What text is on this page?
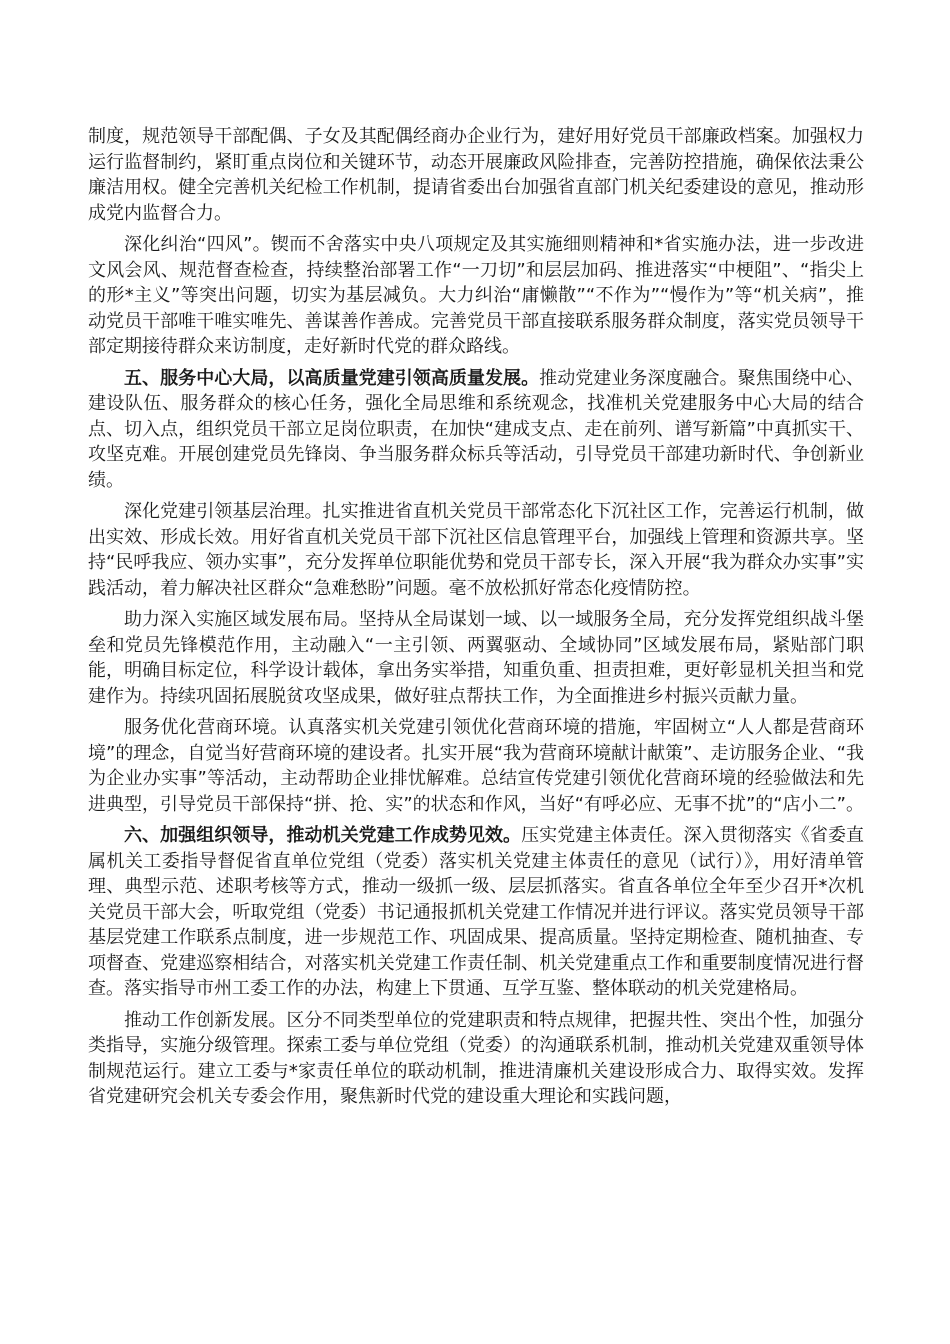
制度，规范领导干部配偶、子女及其配偶经商办企业行为，建好用好党员干部廉政档案。加强权力运行监督制约，紧盯重点岗位和关键环节，动态开展廉政风险排查，完善防控措施，确保依法秉公廉洁用权。健全完善机关纪检工作机制，提请省委出台加强省直部门机关纪委建设的意见，推动形成党内监督合力。

深化纠治“四风”。锲而不舍落实中央八项规定及其实施细则精神和*省实施办法，进一步改进文风会风、规范督查检查，持续整治部署工作“一刀切”和层层加码、推进落实“中梗阻”、“指尖上的形*主义”等突出问题，切实为基层减负。大力纠治“庸懒散”“不作为”“慢作为”等“机关病”，推动党员干部唯干唯实唯先、善谋善作善成。完善党员干部直接联系服务群众制度，落实党员领导干部定期接待群众来访制度，走好新时代党的群众路线。

五、服务中心大局，以高质量党建引领高质量发展。推动党建业务深度融合。聚焦围绕中心、建设队伍、服务群众的核心任务，强化全局思维和系统观念，找准机关党建服务中心大局的结合点、切入点，组织党员干部立足岗位职责，在加快“建成支点、走在前列、谱写新篇”中真抓实干、攻坚克难。开展创建党员先锋岗、争当服务群众标兵等活动，引导党员干部建功新时代、争创新业绩。

深化党建引领基层治理。扎实推进省直机关党员干部常态化下沉社区工作，完善运行机制，做出实效、形成长效。用好省直机关党员干部下沉社区信息管理平台，加强线上管理和资源共享。坚持“民呼我应、领办实事”，充分发挥单位职能优势和党员干部专长，深入开展“我为群众办实事”实践活动，着力解决社区群众“急难愁盼”问题。毫不放松抓好常态化疫情防控。

助力深入实施区域发展布局。坚持从全局谋划一域、以一域服务全局，充分发挥党组织战斗堡垒和党员先锋模范作用，主动融入“一主引领、两翼驱动、全域协同”区域发展布局，紧贴部门职能，明确目标定位，科学设计载体，拿出务实举措，知重负重、担责担难，更好彰显机关担当和党建作为。持续巩固拓展脱贫攻坚成果，做好驻点帮扶工作，为全面推进乡村振兴贡献力量。

服务优化营商环境。认真落实机关党建引领优化营商环境的措施，牢固树立“人人都是营商环境”的理念，自觉当好营商环境的建设者。扎实开展“我为营商环境献计献策”、走访服务企业、“我为企业办实事”等活动，主动帮助企业排忧解难。总结宣传党建引领优化营商环境的经验做法和先进典型，引导党员干部保持“拼、抢、实”的状态和作风，当好“有呼必应、无事不扰”的“店小二”。

六、加强组织领导，推动机关党建工作成势见效。压实党建主体责任。深入贯彻落实《省委直属机关工委指导督促省直单位党组（党委）落实机关党建主体责任的意见（试行）》，用好清单管理、典型示范、述职考核等方式，推动一级抓一级、层层抓落实。省直各单位全年至少召开*次机关党员干部大会，听取党组（党委）书记通报抓机关党建工作情况并进行评议。落实党员领导干部基层党建工作联系点制度，进一步规范工作、巩固成果、提高质量。坚持定期检查、随机抽查、专项督查、党建巡察相结合，对落实机关党建工作责任制、机关党建重点工作和重要制度情况进行督查。落实指导市州工委工作的办法，构建上下贯通、互学互鉴、整体联动的机关党建格局。

推动工作创新发展。区分不同类型单位的党建职责和特点规律，把握共性、突出个性，加强分类指导，实施分级管理。探索工委与单位党组（党委）的沟通联系机制，推动机关党建双重领导体制规范运行。建立工委与*家责任单位的联动机制，推进清廉机关建设形成合力、取得实效。发挥省党建研究会机关专委会作用，聚焦新时代党的建设重大理论和实践问题，
